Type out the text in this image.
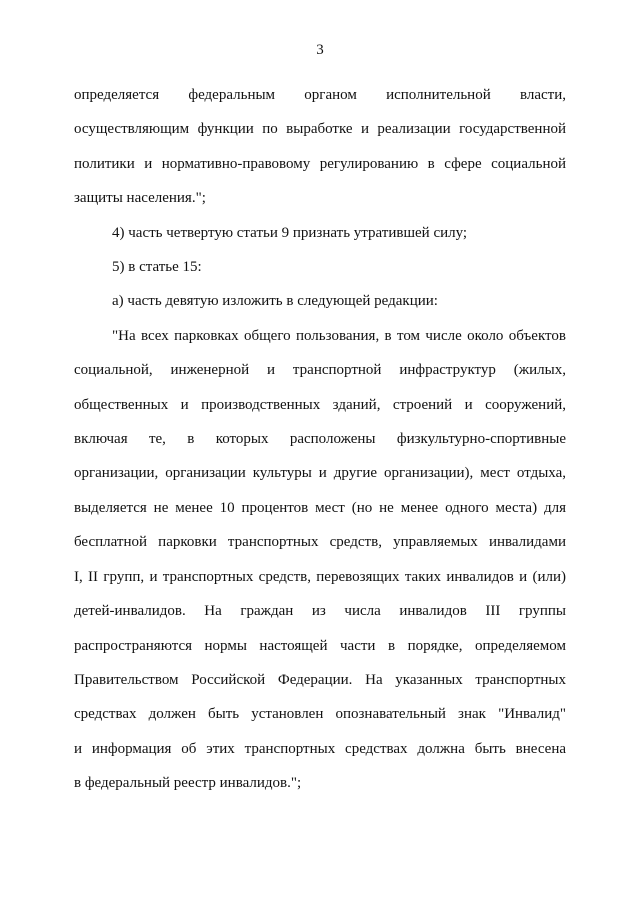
3
определяется федеральным органом исполнительной власти,
осуществляющим функции по выработке и реализации государственной
политики и нормативно-правовому регулированию в сфере социальной
защиты населения.";
4) часть четвертую статьи 9 признать утратившей силу;
5) в статье 15:
а) часть девятую изложить в следующей редакции:
"На всех парковках общего пользования, в том числе около объектов
социальной, инженерной и транспортной инфраструктур (жилых,
общественных и производственных зданий, строений и сооружений,
включая те, в которых расположены физкультурно-спортивные
организации, организации культуры и другие организации), мест отдыха,
выделяется не менее 10 процентов мест (но не менее одного места) для
бесплатной парковки транспортных средств, управляемых инвалидами
I, II групп, и транспортных средств, перевозящих таких инвалидов и (или)
детей-инвалидов. На граждан из числа инвалидов III группы
распространяются нормы настоящей части в порядке, определяемом
Правительством Российской Федерации. На указанных транспортных
средствах должен быть установлен опознавательный знак "Инвалид"
и информация об этих транспортных средствах должна быть внесена
в федеральный реестр инвалидов.";
